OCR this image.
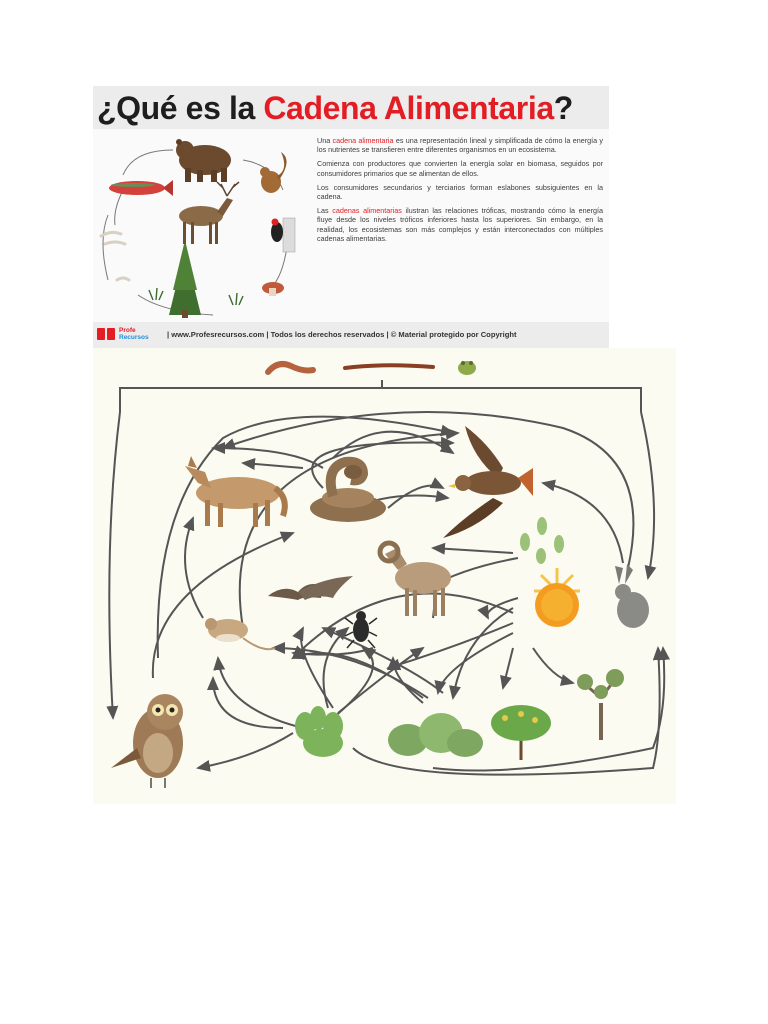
¿Qué es la Cadena Alimentaria?

Una cadena alimentaria es una representación lineal y simplificada de cómo la energía y los nutrientes se transfieren entre diferentes organismos en un ecosistema.

Comienza con productores que convierten la energía solar en biomasa, seguidos por consumidores primarios que se alimentan de ellos.

Los consumidores secundarios y terciarios forman eslabones subsiguientes en la cadena.

Las cadenas alimentarias ilustran las relaciones tróficas, mostrando cómo la energía fluye desde los niveles tróficos inferiores hasta los superiores. Sin embargo, en la realidad, los ecosistemas son más complejos y están interconectados con múltiples cadenas alimentarias.

Profe
Recursos | www.Profesrecursos.com | Todos los derechos reservados | © Material protegido por Copyright
